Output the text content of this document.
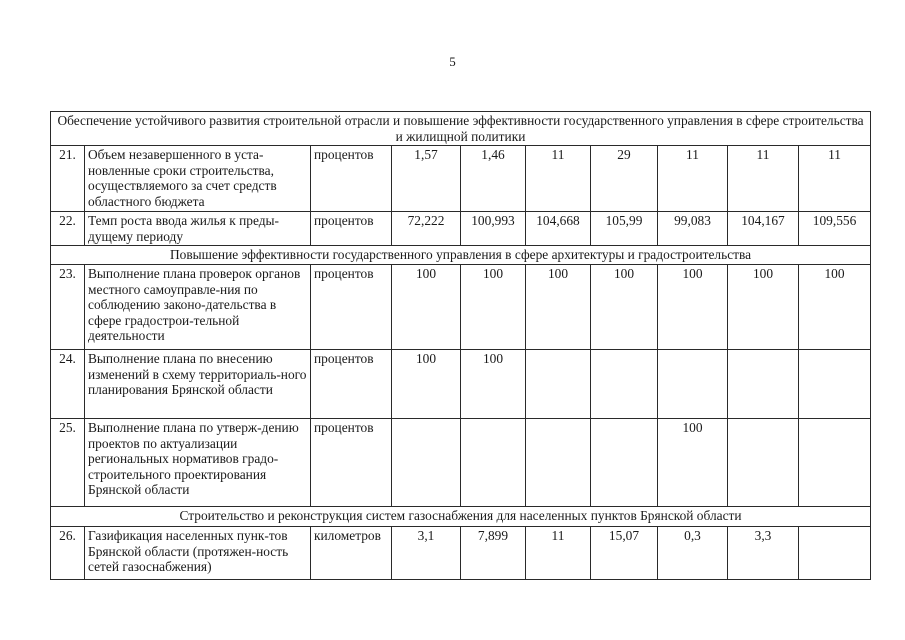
5
Обеспечение устойчивого развития строительной отрасли и повышение эффективности государственного управления в сфере строительства и жилищной политики									
21.	Объем незавершенного в уста-новленные сроки строительства, осуществляемого за счет средств областного бюджета	процентов	1,57	1,46	11	29	11	11	11
22.	Темп роста ввода жилья к преды-дущему периоду	процентов	72,222	100,993	104,668	105,99	99,083	104,167	109,556
Повышение эффективности государственного управления в сфере архитектуры и градостроительства									
23.	Выполнение плана проверок органов местного самоуправле-ния по соблюдению законо-дательства в сфере градострои-тельной деятельности	процентов	100	100	100	100	100	100	100
24.	Выполнение плана по внесению изменений в схему территориаль-ного планирования Брянской области	процентов	100	100					
25.	Выполнение плана по утверж-дению проектов по актуализации региональных нормативов градо-строительного проектирования Брянской области	процентов					100		
Строительство и реконструкция систем газоснабжения для населенных пунктов Брянской области									
26.	Газификация населенных пунк-тов Брянской области (протяжен-ность сетей газоснабжения)	километров	3,1	7,899	11	15,07	0,3	3,3	
